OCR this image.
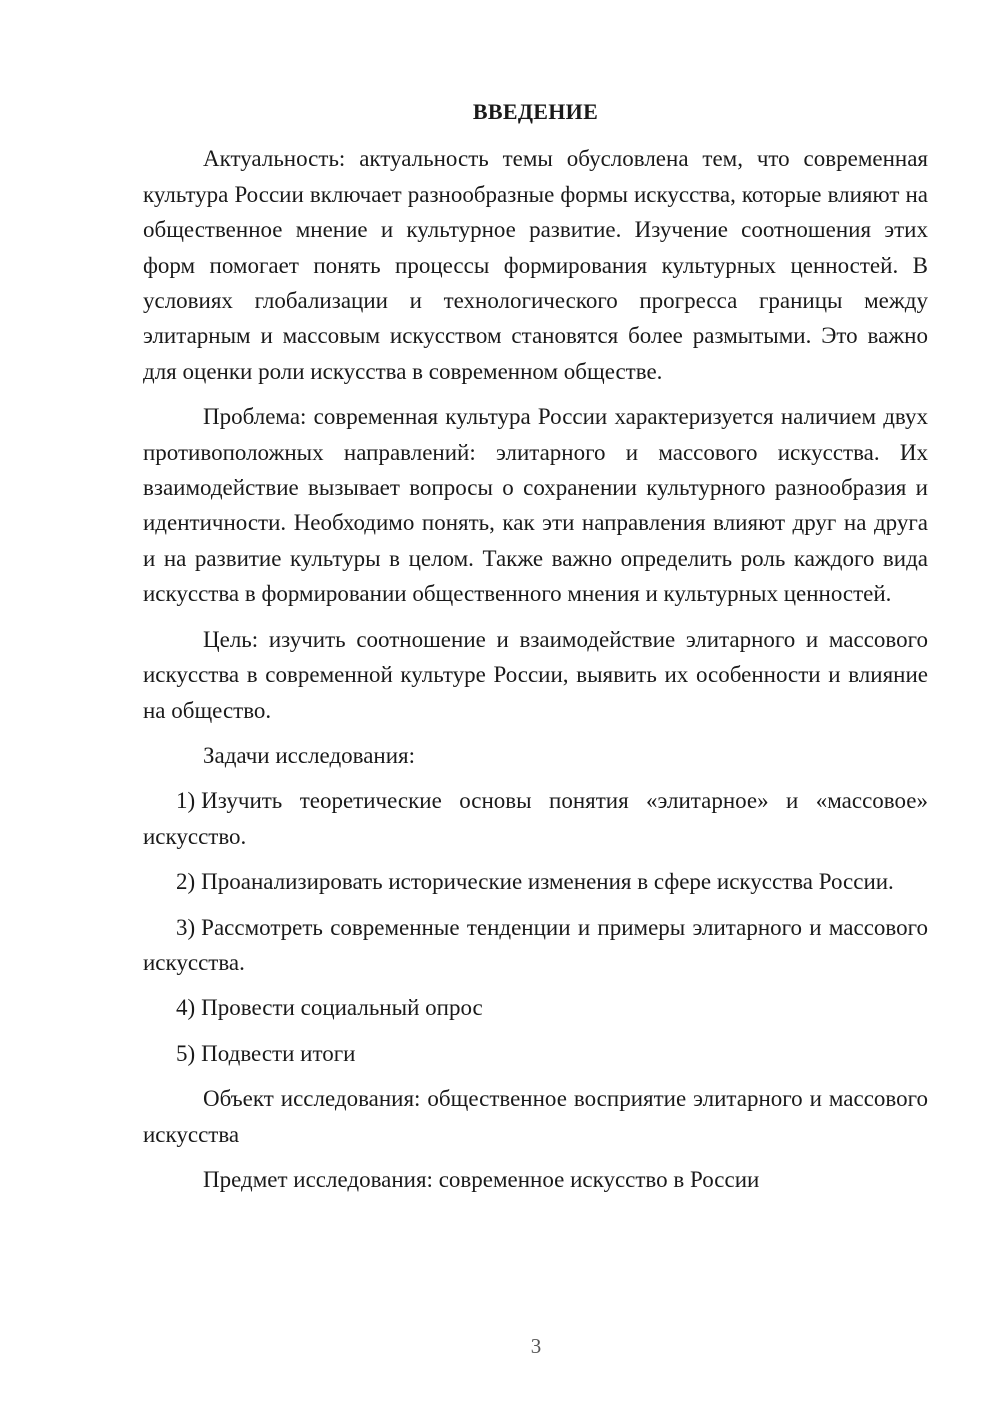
ВВЕДЕНИЕ

Актуальность: актуальность темы обусловлена тем, что современная культура России включает разнообразные формы искусства, которые влияют на общественное мнение и культурное развитие. Изучение соотношения этих форм помогает понять процессы формирования культурных ценностей. В условиях глобализации и технологического прогресса границы между элитарным и массовым искусством становятся более размытыми. Это важно для оценки роли искусства в современном обществе.

Проблема: современная культура России характеризуется наличием двух противоположных направлений: элитарного и массового искусства. Их взаимодействие вызывает вопросы о сохранении культурного разнообразия и идентичности. Необходимо понять, как эти направления влияют друг на друга и на развитие культуры в целом. Также важно определить роль каждого вида искусства в формировании общественного мнения и культурных ценностей.

Цель: изучить соотношение и взаимодействие элитарного и массового искусства в современной культуре России, выявить их особенности и влияние на общество.

Задачи исследования:

1) Изучить теоретические основы понятия «элитарное» и «массовое» искусство.

2) Проанализировать исторические изменения в сфере искусства России.

3) Рассмотреть современные тенденции и примеры элитарного и массового искусства.

4) Провести социальный опрос

5) Подвести итоги

Объект исследования: общественное восприятие элитарного и массового искусства

Предмет исследования: современное искусство в России

3
